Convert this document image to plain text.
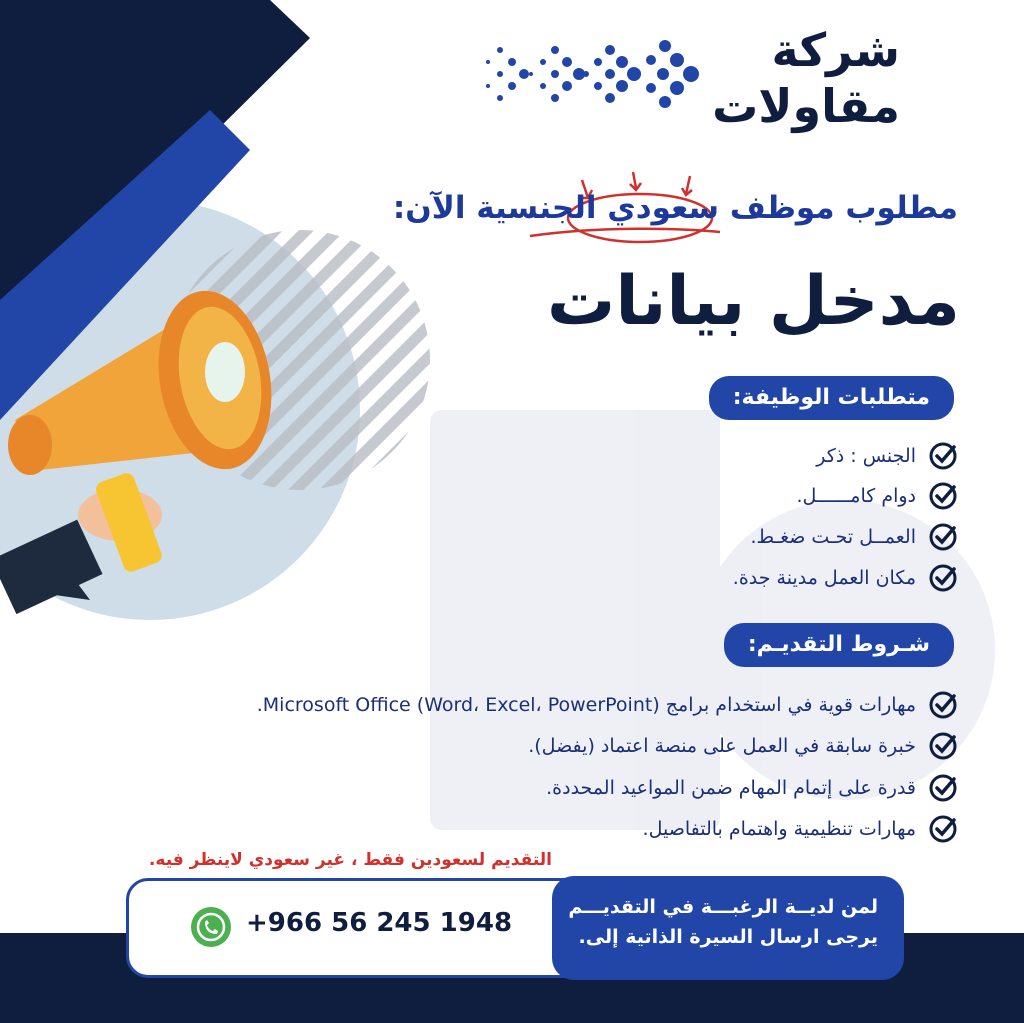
شركة
مقاولات
مطلوب موظف سعودي الجنسية الآن:
مدخل بيانات
متطلبات الوظيفة:
الجنس : ذكر
دوام كامــــــل.
العمــل تحـت ضغـط.
مكان العمل مدينة جدة.
شـروط التقديـم:
مهارات قوية في استخدام برامج (Microsoft Office (Word، Excel، PowerPoint.
خبرة سابقة في العمل على منصة اعتماد (يفضل).
قدرة على إتمام المهام ضمن المواعيد المحددة.
مهارات تنظيمية واهتمام بالتفاصيل.
التقديم لسعودين فقط ، غير سعودي لاينظر فيه.
لمن لديــة الرغبـــة في التقديـــم
يرجى ارسال السيرة الذاتية إلى.
+966 56 245 1948
